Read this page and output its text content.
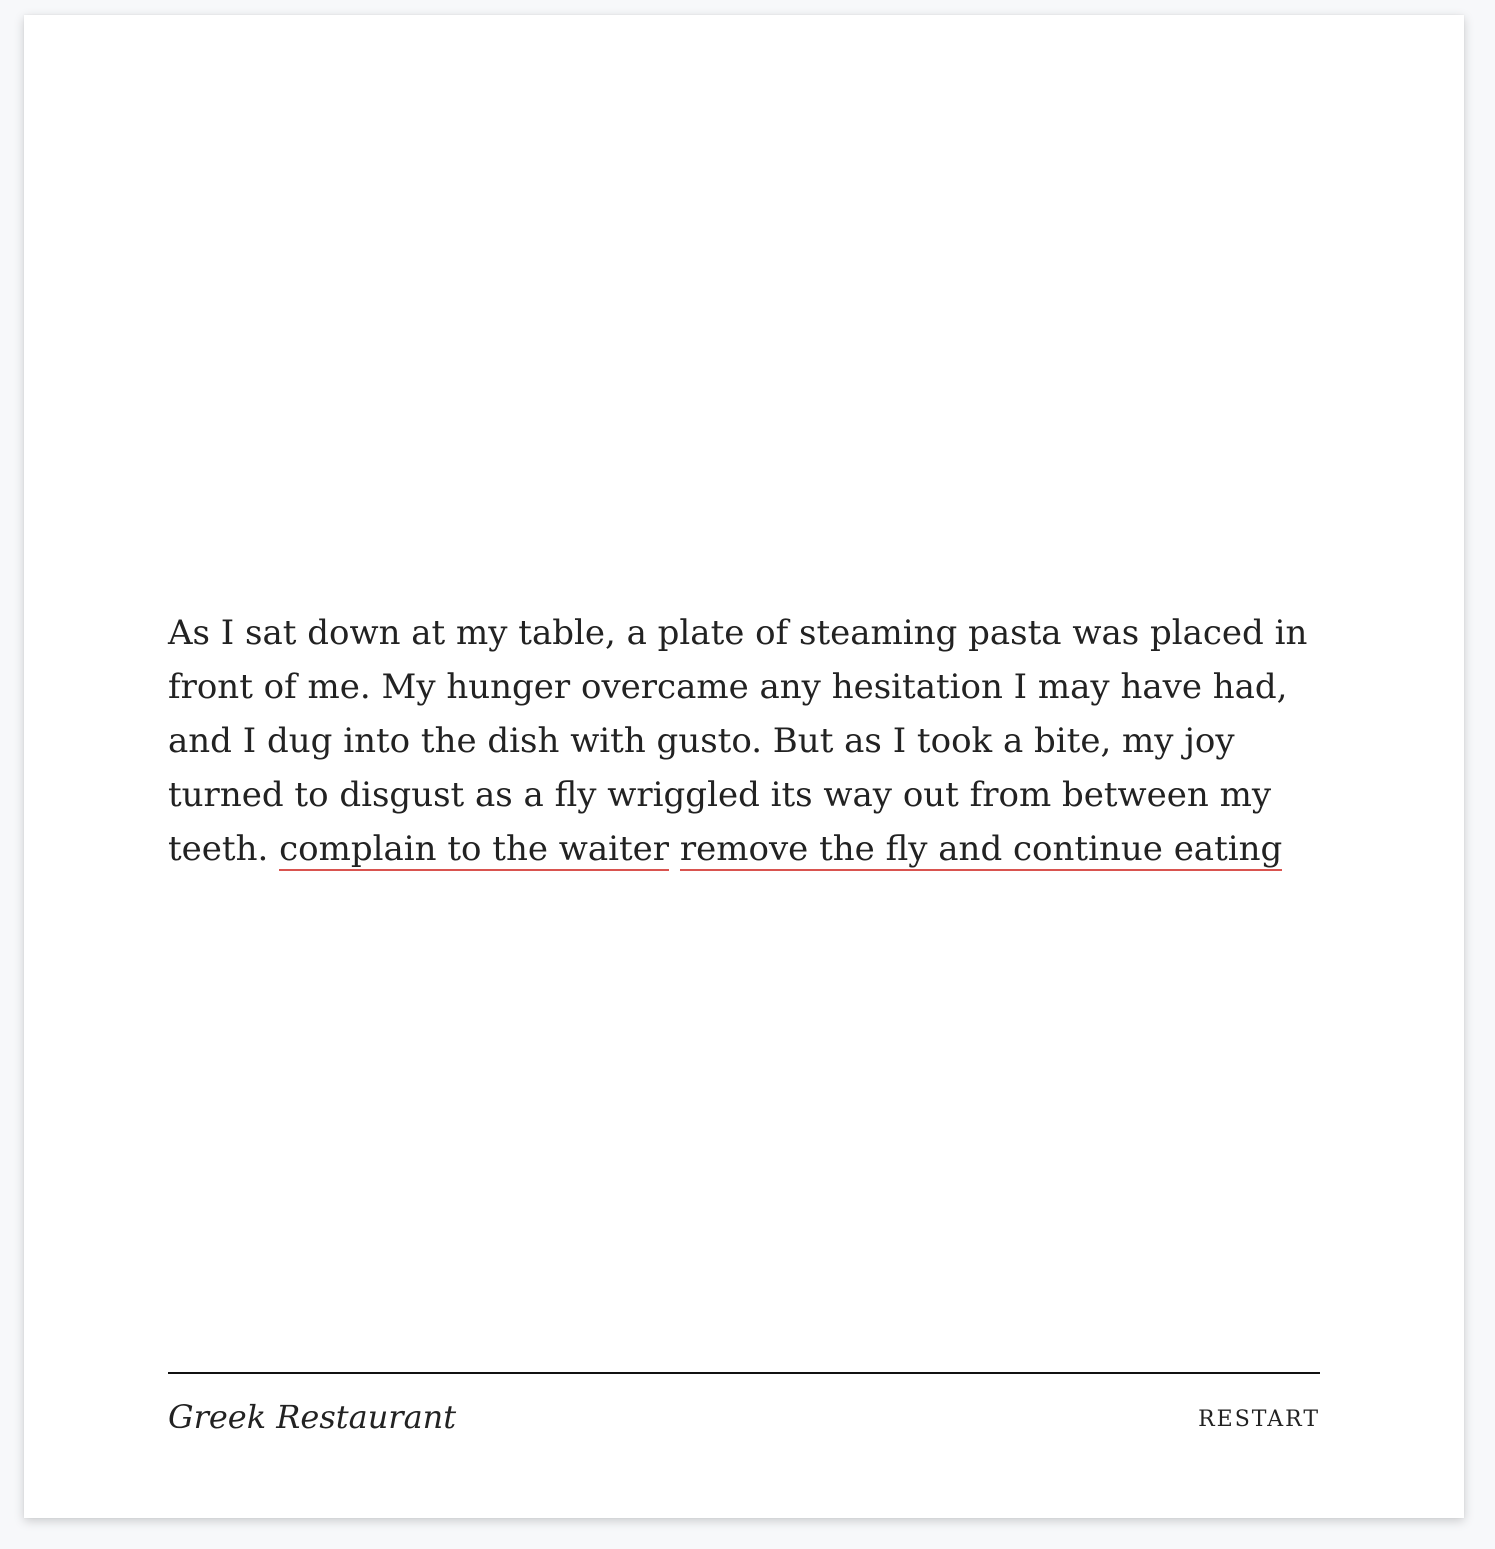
As I sat down at my table, a plate of steaming pasta was placed in front of me. My hunger overcame any hesitation I may have had, and I dug into the dish with gusto. But as I took a bite, my joy turned to disgust as a fly wriggled its way out from between my teeth. complain to the waiter remove the fly and continue eating
Greek Restaurant	RESTART
